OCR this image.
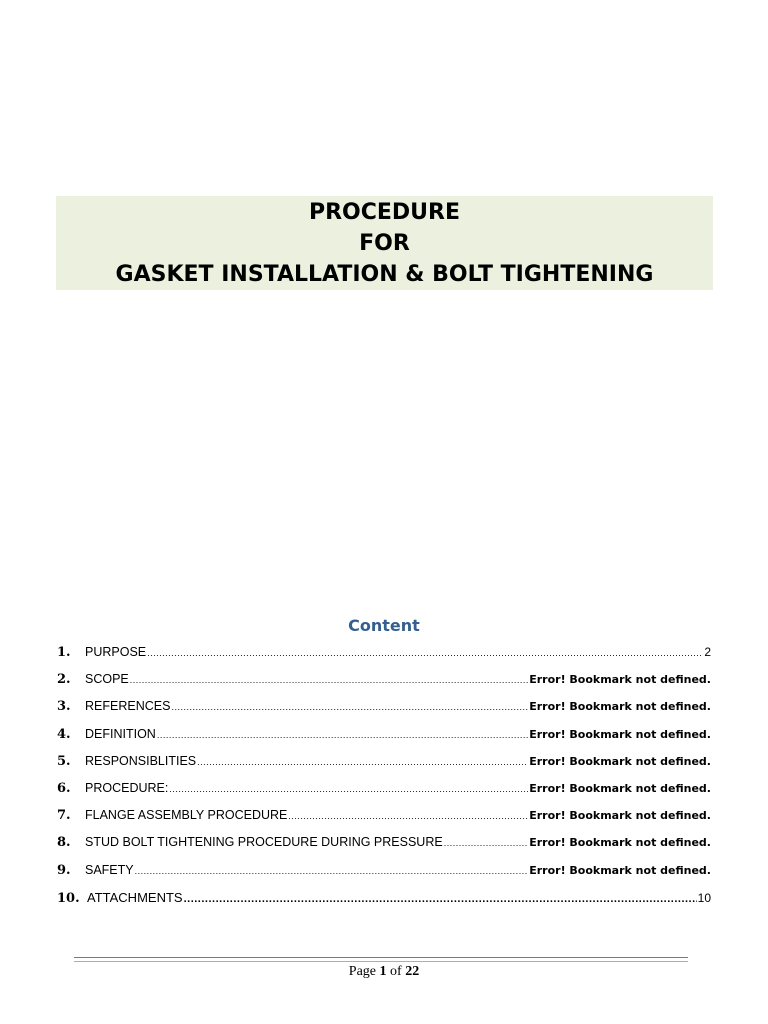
PROCEDURE
FOR
GASKET INSTALLATION & BOLT TIGHTENING
Content
1.	PURPOSE .....	2
2.	SCOPE .....	Error! Bookmark not defined.
3.	REFERENCES .....	Error! Bookmark not defined.
4.	DEFINITION .....	Error! Bookmark not defined.
5.	RESPONSIBLITIES .....	Error! Bookmark not defined.
6.	PROCEDURE: .....	Error! Bookmark not defined.
7.	FLANGE ASSEMBLY PROCEDURE .....	Error! Bookmark not defined.
8.	STUD BOLT TIGHTENING PROCEDURE DURING PRESSURE .....	Error! Bookmark not defined.
9.	SAFETY .....	Error! Bookmark not defined.
10. ATTACHMENTS .....	10
Page 1 of 22
